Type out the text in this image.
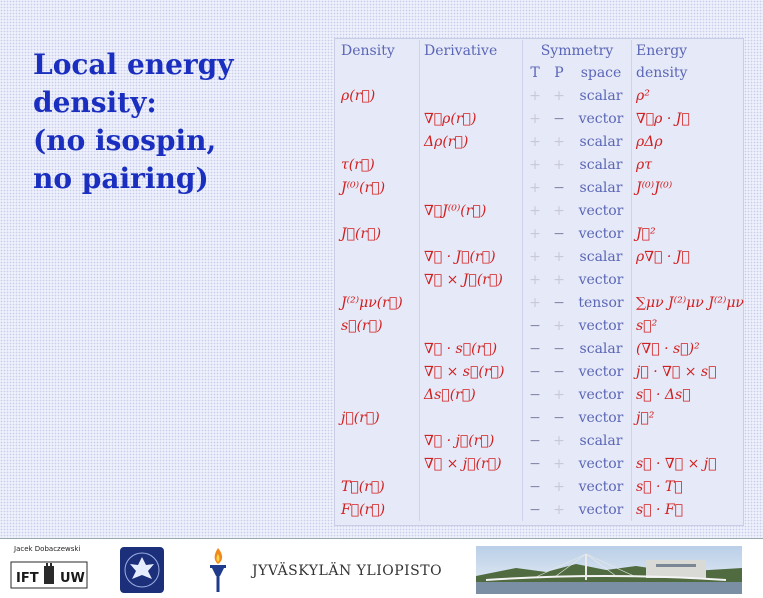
Local energy
density:
(no isospin,
no pairing)
Density	Derivative	Symmetry			Energy
		T	P	space	density
ρ(r⃗)		+	+	scalar	ρ²
	∇⃗ρ(r⃗)	+	−	vector	∇⃗ρ · J⃗
	Δρ(r⃗)	+	+	scalar	ρΔρ
τ(r⃗)		+	+	scalar	ρτ
J⁽⁰⁾(r⃗)		+	−	scalar	J⁽⁰⁾J⁽⁰⁾
	∇⃗J⁽⁰⁾(r⃗)	+	+	vector	
J⃗(r⃗)		+	−	vector	J⃗²
	∇⃗ · J⃗(r⃗)	+	+	scalar	ρ∇⃗ · J⃗
	∇⃗ × J⃗(r⃗)	+	+	vector	
J⁽²⁾μν(r⃗)		+	−	tensor	∑μν J⁽²⁾μν J⁽²⁾μν
s⃗(r⃗)		−	+	vector	s⃗²
	∇⃗ · s⃗(r⃗)	−	−	scalar	(∇⃗ · s⃗)²
	∇⃗ × s⃗(r⃗)	−	−	vector	j⃗ · ∇⃗ × s⃗
	Δs⃗(r⃗)	−	+	vector	s⃗ · Δs⃗
j⃗(r⃗)		−	−	vector	j⃗²
	∇⃗ · j⃗(r⃗)	−	+	scalar	
	∇⃗ × j⃗(r⃗)	−	+	vector	s⃗ · ∇⃗ × j⃗
T⃗(r⃗)		−	+	vector	s⃗ · T⃗
F⃗(r⃗)		−	+	vector	s⃗ · F⃗
Jacek Dobaczewski
IFT UW	JYVÄSKYLÄN YLIOPISTO
